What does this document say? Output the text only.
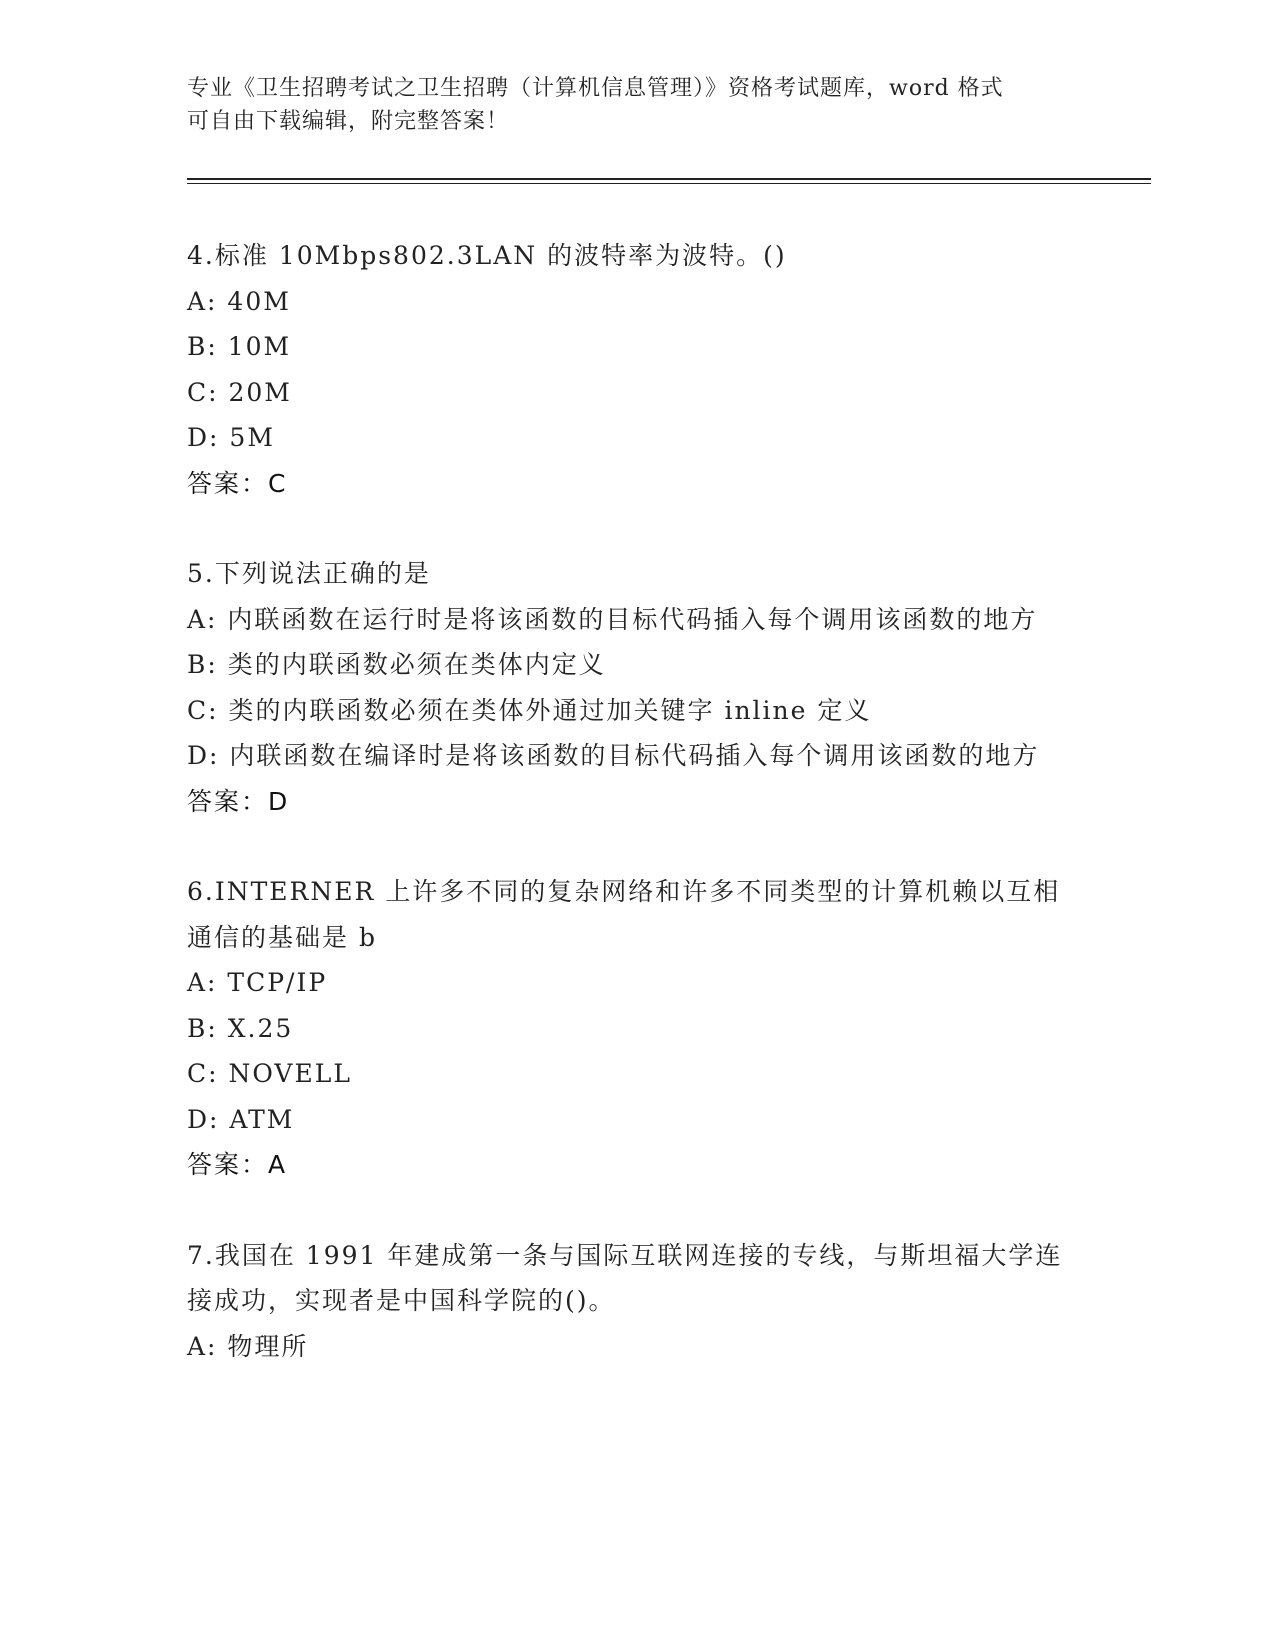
专业《卫生招聘考试之卫生招聘（计算机信息管理）》资格考试题库，word 格式
可自由下载编辑，附完整答案！

4.标准 10Mbps802.3LAN 的波特率为波特。()

A: 40M

B: 10M

C: 20M

D: 5M

答案：C

5.下列说法正确的是

A: 内联函数在运行时是将该函数的目标代码插入每个调用该函数的地方

B: 类的内联函数必须在类体内定义

C: 类的内联函数必须在类体外通过加关键字 inline 定义

D: 内联函数在编译时是将该函数的目标代码插入每个调用该函数的地方

答案：D

6.INTERNER 上许多不同的复杂网络和许多不同类型的计算机赖以互相通信的基础是 b

A: TCP/IP

B: X.25

C: NOVELL

D: ATM

答案：A

7.我国在 1991 年建成第一条与国际互联网连接的专线，与斯坦福大学连接成功，实现者是中国科学院的()。

A: 物理所
